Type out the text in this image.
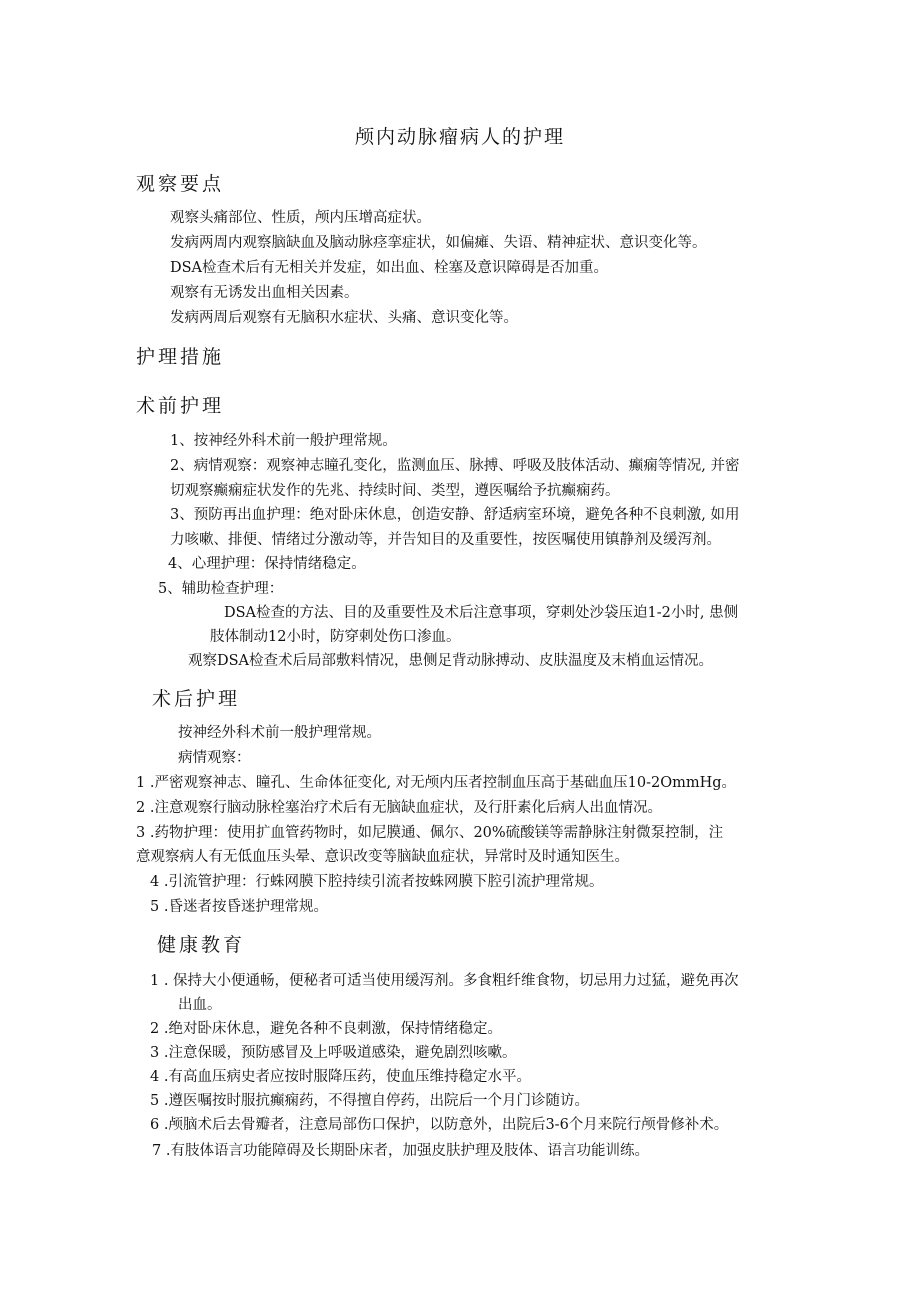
颅内动脉瘤病人的护理
观察要点
观察头痛部位、性质，颅内压增高症状。
发病两周内观察脑缺血及脑动脉痉挛症状，如偏瘫、失语、精神症状、意识变化等。
DSA检查术后有无相关并发症，如出血、栓塞及意识障碍是否加重。
观察有无诱发出血相关因素。
发病两周后观察有无脑积水症状、头痛、意识变化等。
护理措施
术前护理
1、按神经外科术前一般护理常规。
2、病情观察：观察神志瞳孔变化，监测血压、脉搏、呼吸及肢体活动、癫痫等情况, 并密
切观察癫痫症状发作的先兆、持续时间、类型，遵医嘱给予抗癫痫药。
3、预防再出血护理：绝对卧床休息，创造安静、舒适病室环境，避免各种不良刺激, 如用
力咳嗽、排便、情绪过分激动等，并告知目的及重要性，按医嘱使用镇静剂及缓泻剂。
4、心理护理：保持情绪稳定。
5、辅助检查护理：
DSA检查的方法、目的及重要性及术后注意事项，穿刺处沙袋压迫1-2小时, 患侧
肢体制动12小时，防穿刺处伤口渗血。
观察DSA检查术后局部敷料情况，患侧足背动脉搏动、皮肤温度及末梢血运情况。
术后护理
按神经外科术前一般护理常规。
病情观察：
1 .严密观察神志、瞳孔、生命体征变化, 对无颅内压者控制血压高于基础血压10-2OmmHg。
2 .注意观察行脑动脉栓塞治疗术后有无脑缺血症状，及行肝素化后病人出血情况。
3 .药物护理：使用扩血管药物时，如尼膜通、佩尔、20%硫酸镁等需静脉注射微泵控制，注
意观察病人有无低血压头晕、意识改变等脑缺血症状，异常时及时通知医生。
4 .引流管护理：行蛛网膜下腔持续引流者按蛛网膜下腔引流护理常规。
5 .昏迷者按昏迷护理常规。
健康教育
1 . 保持大小便通畅，便秘者可适当使用缓泻剂。多食粗纤维食物，切忌用力过猛，避免再次
出血。
2 .绝对卧床休息，避免各种不良刺激，保持情绪稳定。
3 .注意保暖，预防感冒及上呼吸道感染，避免剧烈咳嗽。
4 .有高血压病史者应按时服降压药，使血压维持稳定水平。
5 .遵医嘱按时服抗癫痫药，不得擅自停药，出院后一个月门诊随访。
6 .颅脑术后去骨瓣者，注意局部伤口保护，以防意外，出院后3-6个月来院行颅骨修补术。
7 .有肢体语言功能障碍及长期卧床者，加强皮肤护理及肢体、语言功能训练。
